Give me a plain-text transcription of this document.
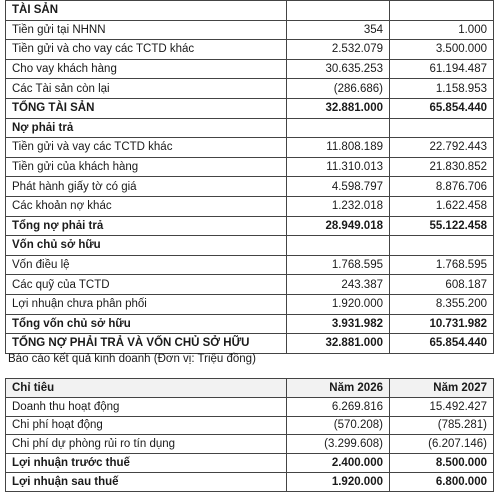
TÀI SẢN		
Tiền gửi tại NHNN	354	1.000
Tiền gửi và cho vay các TCTD khác	2.532.079	3.500.000
Cho vay khách hàng	30.635.253	61.194.487
Các Tài sản còn lại	(286.686)	1.158.953
TỔNG TÀI SẢN	32.881.000	65.854.440
Nợ phải trả		
Tiền gửi và vay các TCTD khác	11.808.189	22.792.443
Tiền gửi của khách hàng	11.310.013	21.830.852
Phát hành giấy tờ có giá	4.598.797	8.876.706
Các khoản nợ khác	1.232.018	1.622.458
Tổng nợ phải trả	28.949.018	55.122.458
Vốn chủ sở hữu		
Vốn điều lệ	1.768.595	1.768.595
Các quỹ của TCTD	243.387	608.187
Lợi nhuận chưa phân phối	1.920.000	8.355.200
Tổng vốn chủ sở hữu	3.931.982	10.731.982
TỔNG NỢ PHẢI TRẢ VÀ VỐN CHỦ SỞ HỮU	32.881.000	65.854.440
Báo cáo kết quả kinh doanh (Đơn vị: Triệu đồng)
Chỉ tiêu	Năm 2026	Năm 2027
Doanh thu hoạt động	6.269.816	15.492.427
Chi phí hoạt động	(570.208)	(785.281)
Chi phí dự phòng rủi ro tín dụng	(3.299.608)	(6.207.146)
Lợi nhuận trước thuế	2.400.000	8.500.000
Lợi nhuận sau thuế	1.920.000	6.800.000
